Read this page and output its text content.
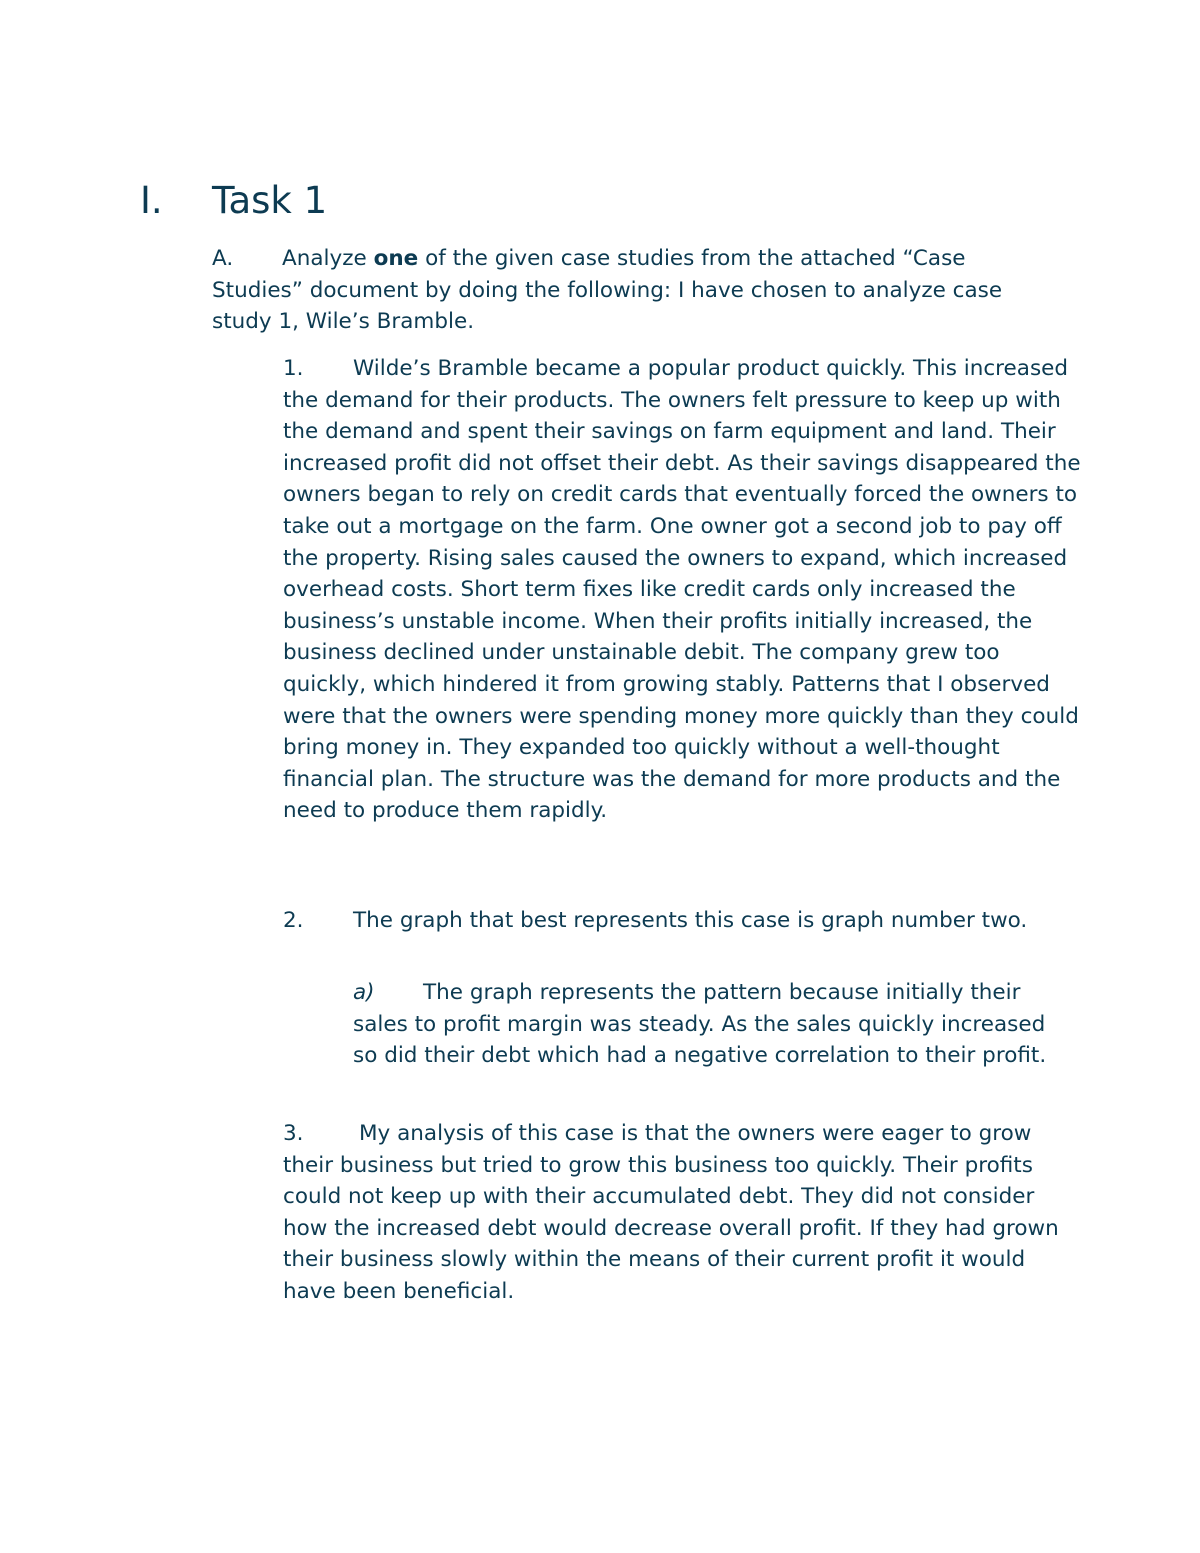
I.	Task 1

A. Analyze one of the given case studies from the attached “Case Studies” document by doing the following: I have chosen to analyze case study 1, Wile’s Bramble.

1. Wilde’s Bramble became a popular product quickly. This increased the demand for their products. The owners felt pressure to keep up with the demand and spent their savings on farm equipment and land. Their increased profit did not offset their debt. As their savings disappeared the owners began to rely on credit cards that eventually forced the owners to take out a mortgage on the farm. One owner got a second job to pay off the property. Rising sales caused the owners to expand, which increased overhead costs. Short term fixes like credit cards only increased the business’s unstable income. When their profits initially increased, the business declined under unstainable debit. The company grew too quickly, which hindered it from growing stably. Patterns that I observed were that the owners were spending money more quickly than they could bring money in. They expanded too quickly without a well-thought financial plan. The structure was the demand for more products and the need to produce them rapidly.

2. The graph that best represents this case is graph number two.

a) The graph represents the pattern because initially their sales to profit margin was steady. As the sales quickly increased so did their debt which had a negative correlation to their profit.

3.	My analysis of this case is that the owners were eager to grow their business but tried to grow this business too quickly. Their profits could not keep up with their accumulated debt. They did not consider how the increased debt would decrease overall profit. If they had grown their business slowly within the means of their current profit it would have been beneficial.
